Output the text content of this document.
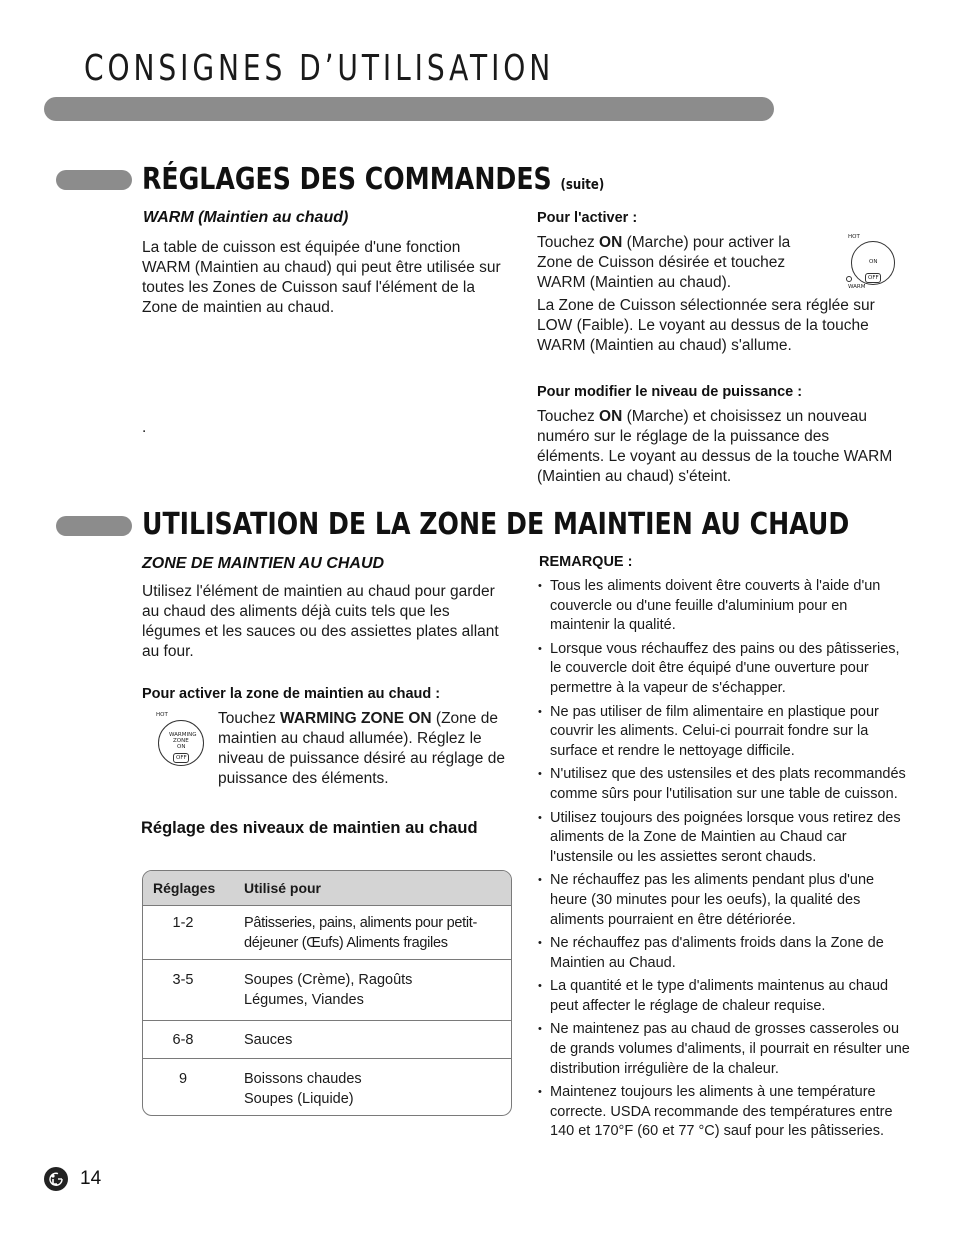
CONSIGNES D’UTILISATION
RÉGLAGES DES COMMANDES (suite)
WARM (Maintien au chaud)

La table de cuisson est équipée d'une fonction WARM (Maintien au chaud) qui peut être utilisée sur toutes les Zones de Cuisson sauf l'élément de la Zone de maintien au chaud.

.
Pour l'activer :

Touchez ON (Marche) pour activer la Zone de Cuisson désirée et touchez WARM (Maintien au chaud).

La Zone de Cuisson sélectionnée sera réglée sur LOW (Faible). Le voyant au dessus de la touche WARM (Maintien au chaud) s'allume.

HOT
ON
OFF
WARM
Pour modifier le niveau de puissance :

Touchez ON (Marche) et choisissez un nouveau numéro sur le réglage de la puissance des éléments. Le voyant au dessus de la touche WARM (Maintien au chaud) s'éteint.

UTILISATION DE LA ZONE DE MAINTIEN AU CHAUD
ZONE DE MAINTIEN AU CHAUD

Utilisez l'élément de maintien au chaud pour garder au chaud des aliments déjà cuits tels que les légumes et les sauces ou des assiettes plates allant au four.

Pour activer la zone de maintien au chaud :
HOT
WARMING
ZONE
ON
OFF

Touchez WARMING ZONE ON (Zone de maintien au chaud allumée). Réglez le niveau de puissance désiré au réglage de puissance des éléments.

Réglage des niveaux de maintien au chaud
Réglages Utilisé pour
1-2	Pâtisseries, pains, aliments pour petit-déjeuner (Œufs) Aliments fragiles
3-5	Soupes (Crème), Ragoûts Légumes, Viandes
6-8	Sauces
9	Boissons chaudes Soupes (Liquide)
REMARQUE :
• Tous les aliments doivent être couverts à l'aide d'un couvercle ou d'une feuille d'aluminium pour en maintenir la qualité.
• Lorsque vous réchauffez des pains ou des pâtisseries, le couvercle doit être équipé d'une ouverture pour permettre à la vapeur de s'échapper.
• Ne pas utiliser de film alimentaire en plastique pour couvrir les aliments. Celui-ci pourrait fondre sur la surface et rendre le nettoyage difficile.
• N'utilisez que des ustensiles et des plats recommandés comme sûrs pour l'utilisation sur une table de cuisson.
• Utilisez toujours des poignées lorsque vous retirez des aliments de la Zone de Maintien au Chaud car l'ustensile ou les assiettes seront chauds.
• Ne réchauffez pas les aliments pendant plus d'une heure (30 minutes pour les oeufs), la qualité des aliments pourraient en être détériorée.
• Ne réchauffez pas d'aliments froids dans la Zone de Maintien au Chaud.
• La quantité et le type d'aliments maintenus au chaud peut affecter le réglage de chaleur requise.
• Ne maintenez pas au chaud de grosses casseroles ou de grands volumes d'aliments, il pourrait en résulter une distribution irrégulière de la chaleur.
• Maintenez toujours les aliments à une température correcte. USDA recommande des températures entre 140 et 170°F (60 et 77 °C) sauf pour les pâtisseries.
14
